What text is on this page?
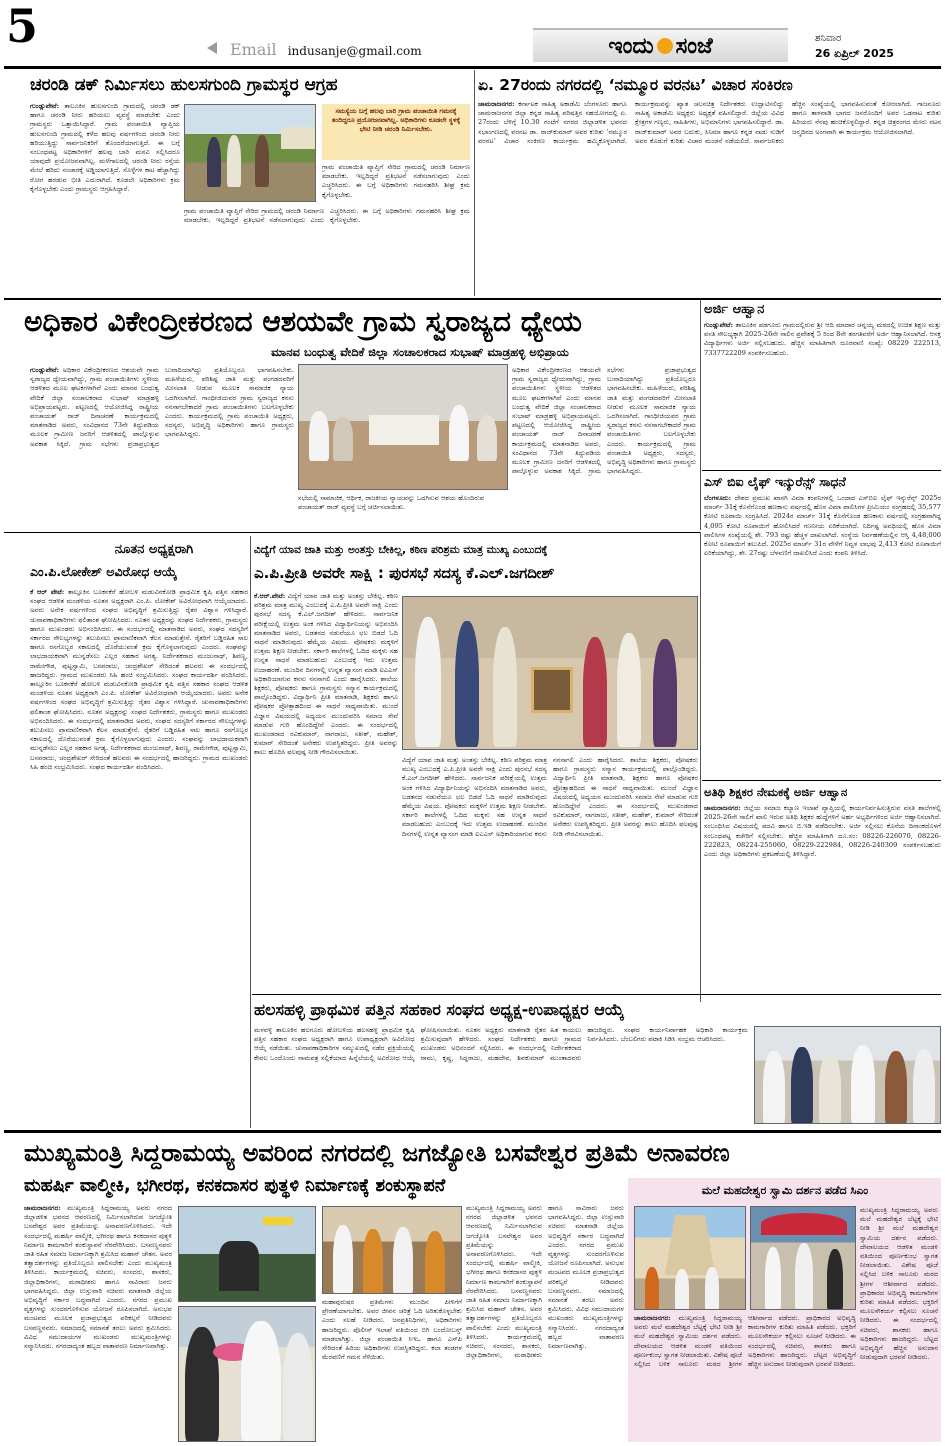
5	Email indusanje@gmail.com	ಇಂದು ಸಂಜೆ	ಶನಿವಾರ
26 ಏಪ್ರಿಲ್ 2025
ಚರಂಡಿ ಡಕ್ ನಿರ್ಮಿಸಲು ಹುಲಸಗುಂದಿ ಗ್ರಾಮಸ್ಥರ ಆಗ್ರಹ
ಗುಂಡ್ಲುಪೇಟೆ: ತಾಲೂಕಿನ ಹುಲಸಗುಂದಿ ಗ್ರಾಮದಲ್ಲಿ ಚರಂಡಿ ಡಕ್ ಹಾಗೂ ಚರಂಡಿ ನೀರು ಹರಿಯಲು ವ್ಯವಸ್ಥೆ ಮಾಡಬೇಕು ಎಂದು ಗ್ರಾಮಸ್ಥರು ಒತ್ತಾಯಿಸಿದ್ದಾರೆ. ಗ್ರಾಮ ಪಂಚಾಯಿತಿ ವ್ಯಾಪ್ತಿಯ ಹುಲಸಗುಂದಿ ಗ್ರಾಮದಲ್ಲಿ ಕಳೆದ ಹಲವು ವರ್ಷಗಳಿಂದ ಚರಂಡಿ ನೀರು ಹರಿಯುತ್ತಿದ್ದು ಸಾರ್ವಜನಿಕರಿಗೆ ತೊಂದರೆಯಾಗುತ್ತಿದೆ. ಈ ಬಗ್ಗೆ ಸಂಬಂಧಪಟ್ಟ ಅಧಿಕಾರಿಗಳಿಗೆ ಹಲವು ಬಾರಿ ಮನವಿ ಸಲ್ಲಿಸಿದರೂ ಯಾವುದೇ ಪ್ರಯೋಜನವಾಗಿಲ್ಲ. ಮಳೆಗಾಲದಲ್ಲಿ ಚರಂಡಿ ನೀರು ರಸ್ತೆಯ ಮೇಲೆ ಹರಿದು ಸಂಚಾರಕ್ಕೆ ಅಡ್ಡಿಯಾಗುತ್ತಿದೆ. ಸೊಳ್ಳೆಗಳ ಕಾಟ ಹೆಚ್ಚಾಗಿದ್ದು ರೋಗ ಹರಡುವ ಭೀತಿ ಎದುರಾಗಿದೆ. ಕೂಡಲೇ ಅಧಿಕಾರಿಗಳು ಕ್ರಮ ಕೈಗೊಳ್ಳಬೇಕು ಎಂದು ಗ್ರಾಮಸ್ಥರು ಆಗ್ರಹಿಸಿದ್ದಾರೆ.
ಸಮಸ್ಯೆಯ ಬಗ್ಗೆ ಹಲವು ಬಾರಿ ಗ್ರಾಮ ಪಂಚಾಯಿತಿ ಗಮನಕ್ಕೆ ತಂದಿದ್ದರೂ ಪ್ರಯೋಜನವಾಗಿಲ್ಲ. ಅಧಿಕಾರಿಗಳು ಕೂಡಲೇ ಸ್ಥಳಕ್ಕೆ ಭೇಟಿ ನೀಡಿ ಚರಂಡಿ ನಿರ್ಮಿಸಬೇಕು.
ಗ್ರಾಮ ಪಂಚಾಯಿತಿ ವ್ಯಾಪ್ತಿಗೆ ಸೇರಿದ ಗ್ರಾಮದಲ್ಲಿ ಚರಂಡಿ ನಿರ್ಮಾಣ ಮಾಡಬೇಕು. ಇಲ್ಲದಿದ್ದರೆ ಪ್ರತಿಭಟನೆ ನಡೆಸಲಾಗುವುದು ಎಂದು ಎಚ್ಚರಿಸಿದರು. ಈ ಬಗ್ಗೆ ಅಧಿಕಾರಿಗಳು ಗಮನಹರಿಸಿ ಶೀಘ್ರ ಕ್ರಮ ಕೈಗೊಳ್ಳಬೇಕು.
ಗ್ರಾಮ ಪಂಚಾಯಿತಿ ವ್ಯಾಪ್ತಿಗೆ ಸೇರಿದ ಗ್ರಾಮದಲ್ಲಿ ಚರಂಡಿ ನಿರ್ಮಾಣ ಮಾಡಬೇಕು. ಇಲ್ಲದಿದ್ದರೆ ಪ್ರತಿಭಟನೆ ನಡೆಸಲಾಗುವುದು ಎಂದು ಎಚ್ಚರಿಸಿದರು. ಈ ಬಗ್ಗೆ ಅಧಿಕಾರಿಗಳು ಗಮನಹರಿಸಿ ಶೀಘ್ರ ಕ್ರಮ ಕೈಗೊಳ್ಳಬೇಕು.
ಏ. 27ರಂದು ನಗರದಲ್ಲಿ ‘ನಮ್ಮೂರ ವರನಟ’ ವಿಚಾರ ಸಂಕಿರಣ
ಚಾಮರಾಜನಗರ: ಕರ್ನಾಟಕ ಸಾಹಿತ್ಯ ಅಕಾಡೆಮಿ ಬೆಂಗಳೂರು ಹಾಗೂ ಚಾಮರಾಜನಗರ ಜಿಲ್ಲಾ ಕನ್ನಡ ಸಾಹಿತ್ಯ ಪರಿಷತ್ತಿನ ಸಹಯೋಗದಲ್ಲಿ ಏ. 27ರಂದು ಬೆಳಿಗ್ಗೆ 10.30 ಗಂಟೆಗೆ ನಗರದ ಜಿಲ್ಲಾಡಳಿತ ಭವನದ ಸಭಾಂಗಣದಲ್ಲಿ ವರನಟ ಡಾ. ರಾಜ್‌ಕುಮಾರ್ ಅವರ ಕುರಿತು ‘ನಮ್ಮೂರ ವರನಟ’ ವಿಚಾರ ಸಂಕಿರಣ ಕಾರ್ಯಕ್ರಮ ಹಮ್ಮಿಕೊಳ್ಳಲಾಗಿದೆ. ಕಾರ್ಯಕ್ರಮವನ್ನು ಖ್ಯಾತ ಚಲನಚಿತ್ರ ನಿರ್ದೇಶಕರು ಉದ್ಘಾಟಿಸಲಿದ್ದು ಸಾಹಿತ್ಯ ಅಕಾಡೆಮಿ ಅಧ್ಯಕ್ಷರು ಅಧ್ಯಕ್ಷತೆ ವಹಿಸಲಿದ್ದಾರೆ. ಜಿಲ್ಲೆಯ ವಿವಿಧ ಕ್ಷೇತ್ರಗಳ ಗಣ್ಯರು, ಸಾಹಿತಿಗಳು, ಅಭಿಮಾನಿಗಳು ಭಾಗವಹಿಸಲಿದ್ದಾರೆ. ಡಾ. ರಾಜ್‌ಕುಮಾರ್ ಅವರ ಬದುಕು, ಸಿನಿಮಾ ಹಾಗೂ ಕನ್ನಡ ನಾಡು ನುಡಿಗೆ ಅವರ ಕೊಡುಗೆ ಕುರಿತು ವಿಚಾರ ಮಂಡನೆ ನಡೆಯಲಿದೆ. ಸಾರ್ವಜನಿಕರು ಹೆಚ್ಚಿನ ಸಂಖ್ಯೆಯಲ್ಲಿ ಭಾಗವಹಿಸುವಂತೆ ಕೋರಲಾಗಿದೆ. ಗಾಜನೂರು ಹಾಗೂ ತಾಳವಾಡಿ ಭಾಗದ ಜನರೊಂದಿಗೆ ಅವರ ಒಡನಾಟ ಕುರಿತು ಹಿರಿಯರು ನೆನಪು ಹಂಚಿಕೊಳ್ಳಲಿದ್ದಾರೆ. ಕನ್ನಡ ಚಿತ್ರರಂಗದ ಮೇರು ನಟನ ಜನ್ಮದಿನದ ಅಂಗವಾಗಿ ಈ ಕಾರ್ಯಕ್ರಮ ಆಯೋಜಿಸಲಾಗಿದೆ.
ಅಧಿಕಾರ ವಿಕೇಂದ್ರೀಕರಣದ ಆಶಯವೇ ಗ್ರಾಮ ಸ್ವರಾಜ್ಯದ ಧ್ಯೇಯ
ಮಾನವ ಬಂಧುತ್ವ ವೇದಿಕೆ ಜಿಲ್ಲಾ ಸಂಚಾಲಕರಾದ ಸುಭಾಷ್ ಮಾಡ್ರಹಳ್ಳಿ ಅಭಿಪ್ರಾಯ
ಗುಂಡ್ಲುಪೇಟೆ: ಅಧಿಕಾರ ವಿಕೇಂದ್ರೀಕರಣದ ಆಶಯವೇ ಗ್ರಾಮ ಸ್ವರಾಜ್ಯದ ಧ್ಯೇಯವಾಗಿದ್ದು, ಗ್ರಾಮ ಪಂಚಾಯಿತಿಗಳು ಸ್ಥಳೀಯ ಆಡಳಿತದ ಮೂಲ ಘಟಕಗಳಾಗಿವೆ ಎಂದು ಮಾನವ ಬಂಧುತ್ವ ವೇದಿಕೆ ಜಿಲ್ಲಾ ಸಂಚಾಲಕರಾದ ಸುಭಾಷ್ ಮಾಡ್ರಹಳ್ಳಿ ಅಭಿಪ್ರಾಯಪಟ್ಟರು. ಪಟ್ಟಣದಲ್ಲಿ ಆಯೋಜಿಸಿದ್ದ ರಾಷ್ಟ್ರೀಯ ಪಂಚಾಯತ್ ರಾಜ್ ದಿನಾಚರಣೆ ಕಾರ್ಯಕ್ರಮದಲ್ಲಿ ಮಾತನಾಡಿದ ಅವರು, ಸಂವಿಧಾನದ 73ನೇ ತಿದ್ದುಪಡಿಯ ಮೂಲಕ ಗ್ರಾಮೀಣ ಜನರಿಗೆ ಆಡಳಿತದಲ್ಲಿ ಪಾಲ್ಗೊಳ್ಳುವ ಅವಕಾಶ ಸಿಕ್ಕಿದೆ. ಗ್ರಾಮ ಸಭೆಗಳು ಪ್ರಜಾಪ್ರಭುತ್ವದ ಬುನಾದಿಯಾಗಿದ್ದು ಪ್ರತಿಯೊಬ್ಬರೂ ಭಾಗವಹಿಸಬೇಕು. ಮಹಿಳೆಯರು, ಪರಿಶಿಷ್ಟ ಜಾತಿ ಮತ್ತು ಪಂಗಡದವರಿಗೆ ಮೀಸಲಾತಿ ನೀಡುವ ಮೂಲಕ ಸಾಮಾಜಿಕ ನ್ಯಾಯ ಒದಗಿಸಲಾಗಿದೆ. ಗಾಂಧೀಜಿಯವರ ಗ್ರಾಮ ಸ್ವರಾಜ್ಯದ ಕನಸು ನನಸಾಗಬೇಕಾದರೆ ಗ್ರಾಮ ಪಂಚಾಯಿತಿಗಳು ಬಲಗೊಳ್ಳಬೇಕು ಎಂದರು. ಕಾರ್ಯಕ್ರಮದಲ್ಲಿ ಗ್ರಾಮ ಪಂಚಾಯಿತಿ ಅಧ್ಯಕ್ಷರು, ಸದಸ್ಯರು, ಅಭಿವೃದ್ಧಿ ಅಧಿಕಾರಿಗಳು ಹಾಗೂ ಗ್ರಾಮಸ್ಥರು ಭಾಗವಹಿಸಿದ್ದರು.
ಸಭೆಯಲ್ಲಿ ಸಾಮಾಜಿಕ, ಆರ್ಥಿಕ, ರಾಜಕೀಯ ನ್ಯಾಯವನ್ನು ಒದಗಿಸುವ ಆಶಯ ಹೊಂದಿರುವ ಪಂಚಾಯತ್ ರಾಜ್ ವ್ಯವಸ್ಥೆ ಬಗ್ಗೆ ಚರ್ಚಿಸಲಾಯಿತು.
ಅಧಿಕಾರ ವಿಕೇಂದ್ರೀಕರಣದ ಆಶಯವೇ ಗ್ರಾಮ ಸ್ವರಾಜ್ಯದ ಧ್ಯೇಯವಾಗಿದ್ದು, ಗ್ರಾಮ ಪಂಚಾಯಿತಿಗಳು ಸ್ಥಳೀಯ ಆಡಳಿತದ ಮೂಲ ಘಟಕಗಳಾಗಿವೆ ಎಂದು ಮಾನವ ಬಂಧುತ್ವ ವೇದಿಕೆ ಜಿಲ್ಲಾ ಸಂಚಾಲಕರಾದ ಸುಭಾಷ್ ಮಾಡ್ರಹಳ್ಳಿ ಅಭಿಪ್ರಾಯಪಟ್ಟರು. ಪಟ್ಟಣದಲ್ಲಿ ಆಯೋಜಿಸಿದ್ದ ರಾಷ್ಟ್ರೀಯ ಪಂಚಾಯತ್ ರಾಜ್ ದಿನಾಚರಣೆ ಕಾರ್ಯಕ್ರಮದಲ್ಲಿ ಮಾತನಾಡಿದ ಅವರು, ಸಂವಿಧಾನದ 73ನೇ ತಿದ್ದುಪಡಿಯ ಮೂಲಕ ಗ್ರಾಮೀಣ ಜನರಿಗೆ ಆಡಳಿತದಲ್ಲಿ ಪಾಲ್ಗೊಳ್ಳುವ ಅವಕಾಶ ಸಿಕ್ಕಿದೆ. ಗ್ರಾಮ ಸಭೆಗಳು ಪ್ರಜಾಪ್ರಭುತ್ವದ ಬುನಾದಿಯಾಗಿದ್ದು ಪ್ರತಿಯೊಬ್ಬರೂ ಭಾಗವಹಿಸಬೇಕು. ಮಹಿಳೆಯರು, ಪರಿಶಿಷ್ಟ ಜಾತಿ ಮತ್ತು ಪಂಗಡದವರಿಗೆ ಮೀಸಲಾತಿ ನೀಡುವ ಮೂಲಕ ಸಾಮಾಜಿಕ ನ್ಯಾಯ ಒದಗಿಸಲಾಗಿದೆ. ಗಾಂಧೀಜಿಯವರ ಗ್ರಾಮ ಸ್ವರಾಜ್ಯದ ಕನಸು ನನಸಾಗಬೇಕಾದರೆ ಗ್ರಾಮ ಪಂಚಾಯಿತಿಗಳು ಬಲಗೊಳ್ಳಬೇಕು ಎಂದರು. ಕಾರ್ಯಕ್ರಮದಲ್ಲಿ ಗ್ರಾಮ ಪಂಚಾಯಿತಿ ಅಧ್ಯಕ್ಷರು, ಸದಸ್ಯರು, ಅಭಿವೃದ್ಧಿ ಅಧಿಕಾರಿಗಳು ಹಾಗೂ ಗ್ರಾಮಸ್ಥರು ಭಾಗವಹಿಸಿದ್ದರು.
ಅರ್ಜಿ ಆಹ್ವಾನ
ಗುಂಡ್ಲುಪೇಟೆ: ತಾಲೂಕಿನ ಪಡಗೂರು ಗ್ರಾಮದಲ್ಲಿರುವ ಶ್ರೀ ಆದಿ ಮಾದಾರ ಚನ್ನಯ್ಯ ಮಠದಲ್ಲಿ ಉಚಿತ ಶಿಕ್ಷಣ ಮತ್ತು ವಸತಿ ಸೌಲಭ್ಯಕ್ಕಾಗಿ 2025-26ನೇ ಸಾಲಿನ ಪ್ರವೇಶಕ್ಕೆ 5 ರಿಂದ 8ನೇ ತರಗತಿವರೆಗೆ ಅರ್ಜಿ ಆಹ್ವಾನಿಸಲಾಗಿದೆ. ಆಸಕ್ತ ವಿದ್ಯಾರ್ಥಿಗಳು ಅರ್ಜಿ ಸಲ್ಲಿಸಬಹುದು. ಹೆಚ್ಚಿನ ಮಾಹಿತಿಗಾಗಿ ದೂರವಾಣಿ ಸಂಖ್ಯೆ: 08229 222513, 7337722209 ಸಂಪರ್ಕಿಸಬಹುದು.
ಎಸ್ ಬಿಐ ಲೈಫ್ ಇನ್ಶುರೆನ್ಸ್ ಸಾಧನೆ
ಬೆಂಗಳೂರು: ದೇಶದ ಪ್ರಮುಖ ಖಾಸಗಿ ವಿಮಾ ಕಂಪನಿಗಳಲ್ಲಿ ಒಂದಾದ ಎಸ್‌ಬಿಐ ಲೈಫ್ ಇನ್ಶುರೆನ್ಸ್ 2025ರ ಮಾರ್ಚ್ 31ಕ್ಕೆ ಕೊನೆಗೊಂಡ ಹಣಕಾಸು ವರ್ಷದಲ್ಲಿ ಹೊಸ ವಿಮಾ ಪಾಲಿಸಿಗಳ ಪ್ರೀಮಿಯಂ ಸಂಗ್ರಹದಲ್ಲಿ 35,577 ಕೋಟಿ ರೂಪಾಯಿ ಸಂಗ್ರಹಿಸಿದೆ. 2024ರ ಮಾರ್ಚ್ 31ಕ್ಕೆ ಕೊನೆಗೊಂಡ ಹಣಕಾಸು ವರ್ಷದಲ್ಲಿ ಸಂಗ್ರಹವಾಗಿದ್ದ 4,095 ಕೋಟಿ ರೂಪಾಯಿಗೆ ಹೋಲಿಸಿದರೆ ಗಣನೀಯ ಏರಿಕೆಯಾಗಿದೆ. ನಿರ್ದಿಷ್ಟ ಅವಧಿಯಲ್ಲಿ ಹೊಸ ವಿಮಾ ಪಾಲಿಸಿಗಳ ಸಂಖ್ಯೆಯಲ್ಲಿ ಶೇ. 793 ರಷ್ಟು ಹೆಚ್ಚಳ ದಾಖಲಾಗಿದೆ. ಸಂಸ್ಥೆಯ ನಿರ್ವಹಣೆಯಲ್ಲಿನ ಆಸ್ತಿ 4,48,000 ಕೋಟಿ ರೂಪಾಯಿಗೆ ತಲುಪಿದೆ. 2025ರ ಮಾರ್ಚ್ 31ರ ವೇಳೆಗೆ ನಿವ್ವಳ ಲಾಭವು 2,413 ಕೋಟಿ ರೂಪಾಯಿಗೆ ಏರಿಕೆಯಾಗಿದ್ದು, ಶೇ. 27ರಷ್ಟು ಬೆಳವಣಿಗೆ ದಾಖಲಿಸಿದೆ ಎಂದು ಕಂಪನಿ ತಿಳಿಸಿದೆ.
ನೂತನ ಅಧ್ಯಕ್ಷರಾಗಿ
ಎಂ.ಪಿ.ಲೋಕೇಶ್ ಅವಿರೋಧ ಆಯ್ಕೆ
ಕೆ ಆರ್ ಪೇಟೆ: ತಾಲ್ಲೂಕಿನ ಬೂಕನಕೆರೆ ಹೋಬಳಿ ಮಡುವಿನಕೋಡಿ ಪ್ರಾಥಮಿಕ ಕೃಷಿ ಪತ್ತಿನ ಸಹಕಾರ ಸಂಘದ ಆಡಳಿತ ಮಂಡಳಿಯ ನೂತನ ಅಧ್ಯಕ್ಷರಾಗಿ ಎಂ.ಪಿ. ಲೋಕೇಶ್ ಅವಿರೋಧವಾಗಿ ಆಯ್ಕೆಯಾದರು. ಅವರು ಅನೇಕ ವರ್ಷಗಳಿಂದ ಸಂಘದ ಅಭಿವೃದ್ಧಿಗೆ ಶ್ರಮಿಸುತ್ತಿದ್ದು ರೈತರ ವಿಶ್ವಾಸ ಗಳಿಸಿದ್ದಾರೆ. ಚುನಾವಣಾಧಿಕಾರಿಗಳು ಫಲಿತಾಂಶ ಘೋಷಿಸಿದರು. ನೂತನ ಅಧ್ಯಕ್ಷರನ್ನು ಸಂಘದ ನಿರ್ದೇಶಕರು, ಗ್ರಾಮಸ್ಥರು ಹಾಗೂ ಮುಖಂಡರು ಅಭಿನಂದಿಸಿದರು. ಈ ಸಂದರ್ಭದಲ್ಲಿ ಮಾತನಾಡಿದ ಅವರು, ಸಂಘದ ಸದಸ್ಯರಿಗೆ ಸರ್ಕಾರದ ಸೌಲಭ್ಯಗಳನ್ನು ತಲುಪಿಸಲು ಪ್ರಾಮಾಣಿಕವಾಗಿ ಕೆಲಸ ಮಾಡುತ್ತೇನೆ. ರೈತರಿಗೆ ಬಡ್ಡಿರಹಿತ ಸಾಲ ಹಾಗೂ ರಸಗೊಬ್ಬರ ಸಕಾಲದಲ್ಲಿ ದೊರೆಯುವಂತೆ ಕ್ರಮ ಕೈಗೊಳ್ಳಲಾಗುವುದು ಎಂದರು. ಸಂಘವನ್ನು ಲಾಭದಾಯಕವಾಗಿ ಮುನ್ನಡೆಸಲು ಎಲ್ಲರ ಸಹಕಾರ ಅಗತ್ಯ. ನಿರ್ದೇಶಕರಾದ ಮಂಜುನಾಥ್, ಶಿವಣ್ಣ, ರಾಮೇಗೌಡ, ಪುಟ್ಟಸ್ವಾಮಿ, ಬಸವರಾಜು, ಚಂದ್ರಶೇಖರ್ ಸೇರಿದಂತೆ ಹಲವರು ಈ ಸಂದರ್ಭದಲ್ಲಿ ಹಾಜರಿದ್ದರು. ಗ್ರಾಮದ ಮುಖಂಡರು ಸಿಹಿ ಹಂಚಿ ಸಂಭ್ರಮಿಸಿದರು. ಸಂಘದ ಕಾರ್ಯದರ್ಶಿ ವಂದಿಸಿದರು. ತಾಲ್ಲೂಕಿನ ಬೂಕನಕೆರೆ ಹೋಬಳಿ ಮಡುವಿನಕೋಡಿ ಪ್ರಾಥಮಿಕ ಕೃಷಿ ಪತ್ತಿನ ಸಹಕಾರ ಸಂಘದ ಆಡಳಿತ ಮಂಡಳಿಯ ನೂತನ ಅಧ್ಯಕ್ಷರಾಗಿ ಎಂ.ಪಿ. ಲೋಕೇಶ್ ಅವಿರೋಧವಾಗಿ ಆಯ್ಕೆಯಾದರು. ಅವರು ಅನೇಕ ವರ್ಷಗಳಿಂದ ಸಂಘದ ಅಭಿವೃದ್ಧಿಗೆ ಶ್ರಮಿಸುತ್ತಿದ್ದು ರೈತರ ವಿಶ್ವಾಸ ಗಳಿಸಿದ್ದಾರೆ. ಚುನಾವಣಾಧಿಕಾರಿಗಳು ಫಲಿತಾಂಶ ಘೋಷಿಸಿದರು. ನೂತನ ಅಧ್ಯಕ್ಷರನ್ನು ಸಂಘದ ನಿರ್ದೇಶಕರು, ಗ್ರಾಮಸ್ಥರು ಹಾಗೂ ಮುಖಂಡರು ಅಭಿನಂದಿಸಿದರು. ಈ ಸಂದರ್ಭದಲ್ಲಿ ಮಾತನಾಡಿದ ಅವರು, ಸಂಘದ ಸದಸ್ಯರಿಗೆ ಸರ್ಕಾರದ ಸೌಲಭ್ಯಗಳನ್ನು ತಲುಪಿಸಲು ಪ್ರಾಮಾಣಿಕವಾಗಿ ಕೆಲಸ ಮಾಡುತ್ತೇನೆ. ರೈತರಿಗೆ ಬಡ್ಡಿರಹಿತ ಸಾಲ ಹಾಗೂ ರಸಗೊಬ್ಬರ ಸಕಾಲದಲ್ಲಿ ದೊರೆಯುವಂತೆ ಕ್ರಮ ಕೈಗೊಳ್ಳಲಾಗುವುದು ಎಂದರು. ಸಂಘವನ್ನು ಲಾಭದಾಯಕವಾಗಿ ಮುನ್ನಡೆಸಲು ಎಲ್ಲರ ಸಹಕಾರ ಅಗತ್ಯ. ನಿರ್ದೇಶಕರಾದ ಮಂಜುನಾಥ್, ಶಿವಣ್ಣ, ರಾಮೇಗೌಡ, ಪುಟ್ಟಸ್ವಾಮಿ, ಬಸವರಾಜು, ಚಂದ್ರಶೇಖರ್ ಸೇರಿದಂತೆ ಹಲವರು ಈ ಸಂದರ್ಭದಲ್ಲಿ ಹಾಜರಿದ್ದರು. ಗ್ರಾಮದ ಮುಖಂಡರು ಸಿಹಿ ಹಂಚಿ ಸಂಭ್ರಮಿಸಿದರು. ಸಂಘದ ಕಾರ್ಯದರ್ಶಿ ವಂದಿಸಿದರು.
ವಿದ್ಯೆಗೆ ಯಾವ ಜಾತಿ ಮತ್ತು ಅಂತಸ್ತು ಬೇಕಿಲ್ಲ, ಕಠಿಣ ಪರಿಶ್ರಮ ಮಾತ್ರ ಮುಖ್ಯ ಎಂಬುದಕ್ಕೆ
ಎ.ಪಿ.ಪ್ರೀತಿ ಅವರೇ ಸಾಕ್ಷಿ : ಪುರಸಭೆ ಸದಸ್ಯ ಕೆ.ಎಲ್.ಜಗದೀಶ್
ಕೆ.ಆರ್.ಪೇಟೆ: ವಿದ್ಯೆಗೆ ಯಾವ ಜಾತಿ ಮತ್ತು ಅಂತಸ್ತು ಬೇಕಿಲ್ಲ. ಕಠಿಣ ಪರಿಶ್ರಮ ಮಾತ್ರ ಮುಖ್ಯ ಎಂಬುದಕ್ಕೆ ಎ.ಪಿ.ಪ್ರೀತಿ ಅವರೇ ಸಾಕ್ಷಿ ಎಂದು ಪುರಸಭೆ ಸದಸ್ಯ ಕೆ.ಎಲ್.ಜಗದೀಶ್ ಹೇಳಿದರು. ಸಾರ್ವಜನಿಕ ಪರೀಕ್ಷೆಯಲ್ಲಿ ಉತ್ತಮ ಅಂಕ ಗಳಿಸಿದ ವಿದ್ಯಾರ್ಥಿನಿಯನ್ನು ಅಭಿನಂದಿಸಿ ಮಾತನಾಡಿದ ಅವರು, ಬಡತನದ ನಡುವೆಯೂ ಛಲ ಬಿಡದೆ ಓದಿ ಸಾಧನೆ ಮಾಡಿರುವುದು ಹೆಮ್ಮೆಯ ವಿಷಯ. ಪೋಷಕರು ಮಕ್ಕಳಿಗೆ ಉತ್ತಮ ಶಿಕ್ಷಣ ನೀಡಬೇಕು. ಸರ್ಕಾರಿ ಶಾಲೆಗಳಲ್ಲಿ ಓದಿದ ಮಕ್ಕಳು ಸಹ ಉನ್ನತ ಸಾಧನೆ ಮಾಡಬಹುದು ಎಂಬುದಕ್ಕೆ ಇದು ಉತ್ತಮ ಉದಾಹರಣೆ. ಮುಂದಿನ ದಿನಗಳಲ್ಲಿ ಉನ್ನತ ವ್ಯಾಸಂಗ ಮಾಡಿ ಐಎಎಸ್ ಅಧಿಕಾರಿಯಾಗುವ ಕನಸು ನನಸಾಗಲಿ ಎಂದು ಹಾರೈಸಿದರು. ಶಾಲೆಯ ಶಿಕ್ಷಕರು, ಪೋಷಕರು ಹಾಗೂ ಗ್ರಾಮಸ್ಥರು ಸನ್ಮಾನ ಕಾರ್ಯಕ್ರಮದಲ್ಲಿ ಪಾಲ್ಗೊಂಡಿದ್ದರು. ವಿದ್ಯಾರ್ಥಿನಿ ಪ್ರೀತಿ ಮಾತನಾಡಿ, ಶಿಕ್ಷಕರು ಹಾಗೂ ಪೋಷಕರ ಪ್ರೋತ್ಸಾಹದಿಂದ ಈ ಸಾಧನೆ ಸಾಧ್ಯವಾಯಿತು. ಮುಂದೆ ವಿಜ್ಞಾನ ವಿಷಯದಲ್ಲಿ ಅಧ್ಯಯನ ಮುಂದುವರಿಸಿ ಸಮಾಜ ಸೇವೆ ಮಾಡುವ ಗುರಿ ಹೊಂದಿದ್ದೇನೆ ಎಂದರು. ಈ ಸಂದರ್ಭದಲ್ಲಿ ಮುಖಂಡರಾದ ರವಿಕುಮಾರ್, ನಾಗರಾಜು, ಸತೀಶ್, ಮಹೇಶ್, ಕುಮಾರ್ ಸೇರಿದಂತೆ ಅನೇಕರು ಉಪಸ್ಥಿತರಿದ್ದರು. ಪ್ರೀತಿ ಅವರನ್ನು ಶಾಲು ಹೊದಿಸಿ ಫಲಪುಷ್ಪ ನೀಡಿ ಗೌರವಿಸಲಾಯಿತು.
ವಿದ್ಯೆಗೆ ಯಾವ ಜಾತಿ ಮತ್ತು ಅಂತಸ್ತು ಬೇಕಿಲ್ಲ. ಕಠಿಣ ಪರಿಶ್ರಮ ಮಾತ್ರ ಮುಖ್ಯ ಎಂಬುದಕ್ಕೆ ಎ.ಪಿ.ಪ್ರೀತಿ ಅವರೇ ಸಾಕ್ಷಿ ಎಂದು ಪುರಸಭೆ ಸದಸ್ಯ ಕೆ.ಎಲ್.ಜಗದೀಶ್ ಹೇಳಿದರು. ಸಾರ್ವಜನಿಕ ಪರೀಕ್ಷೆಯಲ್ಲಿ ಉತ್ತಮ ಅಂಕ ಗಳಿಸಿದ ವಿದ್ಯಾರ್ಥಿನಿಯನ್ನು ಅಭಿನಂದಿಸಿ ಮಾತನಾಡಿದ ಅವರು, ಬಡತನದ ನಡುವೆಯೂ ಛಲ ಬಿಡದೆ ಓದಿ ಸಾಧನೆ ಮಾಡಿರುವುದು ಹೆಮ್ಮೆಯ ವಿಷಯ. ಪೋಷಕರು ಮಕ್ಕಳಿಗೆ ಉತ್ತಮ ಶಿಕ್ಷಣ ನೀಡಬೇಕು. ಸರ್ಕಾರಿ ಶಾಲೆಗಳಲ್ಲಿ ಓದಿದ ಮಕ್ಕಳು ಸಹ ಉನ್ನತ ಸಾಧನೆ ಮಾಡಬಹುದು ಎಂಬುದಕ್ಕೆ ಇದು ಉತ್ತಮ ಉದಾಹರಣೆ. ಮುಂದಿನ ದಿನಗಳಲ್ಲಿ ಉನ್ನತ ವ್ಯಾಸಂಗ ಮಾಡಿ ಐಎಎಸ್ ಅಧಿಕಾರಿಯಾಗುವ ಕನಸು ನನಸಾಗಲಿ ಎಂದು ಹಾರೈಸಿದರು. ಶಾಲೆಯ ಶಿಕ್ಷಕರು, ಪೋಷಕರು ಹಾಗೂ ಗ್ರಾಮಸ್ಥರು ಸನ್ಮಾನ ಕಾರ್ಯಕ್ರಮದಲ್ಲಿ ಪಾಲ್ಗೊಂಡಿದ್ದರು. ವಿದ್ಯಾರ್ಥಿನಿ ಪ್ರೀತಿ ಮಾತನಾಡಿ, ಶಿಕ್ಷಕರು ಹಾಗೂ ಪೋಷಕರ ಪ್ರೋತ್ಸಾಹದಿಂದ ಈ ಸಾಧನೆ ಸಾಧ್ಯವಾಯಿತು. ಮುಂದೆ ವಿಜ್ಞಾನ ವಿಷಯದಲ್ಲಿ ಅಧ್ಯಯನ ಮುಂದುವರಿಸಿ ಸಮಾಜ ಸೇವೆ ಮಾಡುವ ಗುರಿ ಹೊಂದಿದ್ದೇನೆ ಎಂದರು. ಈ ಸಂದರ್ಭದಲ್ಲಿ ಮುಖಂಡರಾದ ರವಿಕುಮಾರ್, ನಾಗರಾಜು, ಸತೀಶ್, ಮಹೇಶ್, ಕುಮಾರ್ ಸೇರಿದಂತೆ ಅನೇಕರು ಉಪಸ್ಥಿತರಿದ್ದರು. ಪ್ರೀತಿ ಅವರನ್ನು ಶಾಲು ಹೊದಿಸಿ ಫಲಪುಷ್ಪ ನೀಡಿ ಗೌರವಿಸಲಾಯಿತು.
ಅತಿಥಿ ಶಿಕ್ಷಕರ ನೇಮಕಕ್ಕೆ ಅರ್ಜಿ ಆಹ್ವಾನ
ಚಾಮರಾಜನಗರ: ಜಿಲ್ಲೆಯ ಸಮಾಜ ಕಲ್ಯಾಣ ಇಲಾಖೆ ವ್ಯಾಪ್ತಿಯಲ್ಲಿ ಕಾರ್ಯನಿರ್ವಹಿಸುತ್ತಿರುವ ವಸತಿ ಶಾಲೆಗಳಲ್ಲಿ 2025-26ನೇ ಸಾಲಿಗೆ ಖಾಲಿ ಇರುವ ಅತಿಥಿ ಶಿಕ್ಷಕರ ಹುದ್ದೆಗಳಿಗೆ ಅರ್ಹ ಅಭ್ಯರ್ಥಿಗಳಿಂದ ಅರ್ಜಿ ಆಹ್ವಾನಿಸಲಾಗಿದೆ. ಸಂಬಂಧಿಸಿದ ವಿಷಯದಲ್ಲಿ ಪದವಿ ಹಾಗೂ ಬಿ.ಇಡಿ ಪಡೆದಿರಬೇಕು. ಅರ್ಜಿ ಸಲ್ಲಿಸಲು ಕೊನೆಯ ದಿನಾಂಕದೊಳಗೆ ಸಂಬಂಧಪಟ್ಟ ಕಚೇರಿಗೆ ಸಲ್ಲಿಸಬೇಕು. ಹೆಚ್ಚಿನ ಮಾಹಿತಿಗಾಗಿ ದೂ.ಸಂ: 08226-226070, 08226-222823, 08224-255060, 08229-222984, 08226-240309 ಸಂಪರ್ಕಿಸಬಹುದು ಎಂದು ಜಿಲ್ಲಾ ಅಧಿಕಾರಿಗಳು ಪ್ರಕಟಣೆಯಲ್ಲಿ ತಿಳಿಸಿದ್ದಾರೆ.
ಹಲಸಹಳ್ಳಿ ಪ್ರಾಥಮಿಕ ಪತ್ತಿನ ಸಹಕಾರ ಸಂಘದ ಅಧ್ಯಕ್ಷ-ಉಪಾಧ್ಯಕ್ಷರ ಆಯ್ಕೆ
ಮಳವಳ್ಳಿ ತಾಲೂಕಿನ ಹಲಗೂರು ಹೋಬಳಿಯ ಹಲಸಹಳ್ಳಿ ಪ್ರಾಥಮಿಕ ಕೃಷಿ ಪತ್ತಿನ ಸಹಕಾರ ಸಂಘದ ಅಧ್ಯಕ್ಷರಾಗಿ ಹಾಗೂ ಉಪಾಧ್ಯಕ್ಷರಾಗಿ ಅವಿರೋಧ ಆಯ್ಕೆ ನಡೆಯಿತು. ಚುನಾವಣಾಧಿಕಾರಿಗಳ ಸಮ್ಮುಖದಲ್ಲಿ ನಡೆದ ಪ್ರಕ್ರಿಯೆಯಲ್ಲಿ ಕೇವಲ ಒಂದೊಂದು ನಾಮಪತ್ರ ಸಲ್ಲಿಕೆಯಾದ ಹಿನ್ನೆಲೆಯಲ್ಲಿ ಅವಿರೋಧ ಆಯ್ಕೆ ಘೋಷಿಸಲಾಯಿತು. ನೂತನ ಅಧ್ಯಕ್ಷರು ಮಾತನಾಡಿ ರೈತರ ಹಿತ ಕಾಯಲು ಶ್ರಮಿಸುವುದಾಗಿ ಹೇಳಿದರು. ಸಂಘದ ನಿರ್ದೇಶಕರು ಹಾಗೂ ಗ್ರಾಮದ ಮುಖಂಡರು ಅಭಿನಂದನೆ ಸಲ್ಲಿಸಿದರು. ಈ ಸಂದರ್ಭದಲ್ಲಿ ನಿರ್ದೇಶಕರಾದ ರಾಮು, ಕೃಷ್ಣ, ಸಿದ್ದರಾಜು, ಮಹದೇವ, ಶಿವಕುಮಾರ್ ಮುಂತಾದವರು ಹಾಜರಿದ್ದರು. ಸಂಘದ ಕಾರ್ಯನಿರ್ವಾಹಕ ಅಧಿಕಾರಿ ಕಾರ್ಯಕ್ರಮ ನಿರ್ವಹಿಸಿದರು. ಬೆಂಬಲಿಗರು ಪಟಾಕಿ ಸಿಡಿಸಿ ಸಂಭ್ರಮ ಆಚರಿಸಿದರು.
ಮುಖ್ಯಮಂತ್ರಿ ಸಿದ್ದರಾಮಯ್ಯ ಅವರಿಂದ ನಗರದಲ್ಲಿ ಜಗಜ್ಯೋತಿ ಬಸವೇಶ್ವರ ಪ್ರತಿಮೆ ಅನಾವರಣ
ಮಹರ್ಷಿ ವಾಲ್ಮೀಕಿ, ಭಗೀರಥ, ಕನಕದಾಸರ ಪುತ್ಥಳಿ ನಿರ್ಮಾಣಕ್ಕೆ ಶಂಕುಸ್ಥಾಪನೆ
ಚಾಮರಾಜನಗರ: ಮುಖ್ಯಮಂತ್ರಿ ಸಿದ್ದರಾಮಯ್ಯ ಅವರು ನಗರದ ಜಿಲ್ಲಾಡಳಿತ ಭವನದ ಆವರಣದಲ್ಲಿ ನಿರ್ಮಿಸಲಾಗಿರುವ ಜಗಜ್ಯೋತಿ ಬಸವೇಶ್ವರ ಅವರ ಪ್ರತಿಮೆಯನ್ನು ಅನಾವರಣಗೊಳಿಸಿದರು. ಇದೇ ಸಂದರ್ಭದಲ್ಲಿ ಮಹರ್ಷಿ ವಾಲ್ಮೀಕಿ, ಭಗೀರಥ ಹಾಗೂ ಕನಕದಾಸರ ಪುತ್ಥಳಿ ನಿರ್ಮಾಣ ಕಾಮಗಾರಿಗೆ ಶಂಕುಸ್ಥಾಪನೆ ನೆರವೇರಿಸಿದರು. ಬಸವಣ್ಣನವರು ಜಾತಿ ರಹಿತ ಸಮಾಜ ನಿರ್ಮಾಣಕ್ಕಾಗಿ ಶ್ರಮಿಸಿದ ಮಹಾನ್ ಚೇತನ. ಅವರ ತತ್ವಾದರ್ಶಗಳನ್ನು ಪ್ರತಿಯೊಬ್ಬರೂ ಪಾಲಿಸಬೇಕು ಎಂದು ಮುಖ್ಯಮಂತ್ರಿ ತಿಳಿಸಿದರು. ಕಾರ್ಯಕ್ರಮದಲ್ಲಿ ಸಚಿವರು, ಸಂಸದರು, ಶಾಸಕರು, ಜಿಲ್ಲಾಧಿಕಾರಿಗಳು, ಮಠಾಧೀಶರು ಹಾಗೂ ಸಾವಿರಾರು ಜನರು ಭಾಗವಹಿಸಿದ್ದರು. ಜಿಲ್ಲಾ ಉಸ್ತುವಾರಿ ಸಚಿವರು ಮಾತನಾಡಿ ಜಿಲ್ಲೆಯ ಅಭಿವೃದ್ಧಿಗೆ ಸರ್ಕಾರ ಬದ್ಧವಾಗಿದೆ ಎಂದರು. ನಗರದ ಪ್ರಮುಖ ವೃತ್ತಗಳನ್ನು ಸುಂದರಗೊಳಿಸುವ ಯೋಜನೆ ರೂಪಿಸಲಾಗಿದೆ. ಅನುಭವ ಮಂಟಪದ ಮೂಲಕ ಪ್ರಜಾಪ್ರಭುತ್ವದ ಪರಿಕಲ್ಪನೆ ನೀಡಿದವರು ಬಸವಣ್ಣನವರು. ಸಮಾಜದಲ್ಲಿ ಸಮಾನತೆ ತರಲು ಅವರು ಶ್ರಮಿಸಿದರು. ವಿವಿಧ ಸಮುದಾಯಗಳ ಮುಖಂಡರು ಮುಖ್ಯಮಂತ್ರಿಗಳನ್ನು ಸನ್ಮಾನಿಸಿದರು. ನಗರದಾದ್ಯಂತ ಹಬ್ಬದ ವಾತಾವರಣ ನಿರ್ಮಾಣವಾಗಿತ್ತು.
ಮಹಾಪುರುಷರ ಪ್ರತಿಮೆಗಳು ಮುಂದಿನ ಪೀಳಿಗೆಗೆ ಪ್ರೇರಣೆಯಾಗಬೇಕು. ಅವರ ಜೀವನ ಚರಿತ್ರೆ ಓದಿ ಅರಿತುಕೊಳ್ಳಬೇಕು ಎಂದು ಸಲಹೆ ನೀಡಿದರು. ಜನಪ್ರತಿನಿಧಿಗಳು, ಅಧಿಕಾರಿಗಳು ಹಾಜರಿದ್ದರು. ಪೊಲೀಸ್ ಇಲಾಖೆ ವತಿಯಿಂದ ಬಿಗಿ ಬಂದೋಬಸ್ತ್ ಮಾಡಲಾಗಿತ್ತು. ಜಿಲ್ಲಾ ಪಂಚಾಯಿತಿ ಸಿಇಒ ಹಾಗೂ ಎಸ್‌ಪಿ ಸೇರಿದಂತೆ ಹಿರಿಯ ಅಧಿಕಾರಿಗಳು ಉಪಸ್ಥಿತರಿದ್ದರು. ಕಲಾ ತಂಡಗಳ ಮೆರವಣಿಗೆ ಗಮನ ಸೆಳೆಯಿತು.
ಮುಖ್ಯಮಂತ್ರಿ ಸಿದ್ದರಾಮಯ್ಯ ಅವರು ನಗರದ ಜಿಲ್ಲಾಡಳಿತ ಭವನದ ಆವರಣದಲ್ಲಿ ನಿರ್ಮಿಸಲಾಗಿರುವ ಜಗಜ್ಯೋತಿ ಬಸವೇಶ್ವರ ಅವರ ಪ್ರತಿಮೆಯನ್ನು ಅನಾವರಣಗೊಳಿಸಿದರು. ಇದೇ ಸಂದರ್ಭದಲ್ಲಿ ಮಹರ್ಷಿ ವಾಲ್ಮೀಕಿ, ಭಗೀರಥ ಹಾಗೂ ಕನಕದಾಸರ ಪುತ್ಥಳಿ ನಿರ್ಮಾಣ ಕಾಮಗಾರಿಗೆ ಶಂಕುಸ್ಥಾಪನೆ ನೆರವೇರಿಸಿದರು. ಬಸವಣ್ಣನವರು ಜಾತಿ ರಹಿತ ಸಮಾಜ ನಿರ್ಮಾಣಕ್ಕಾಗಿ ಶ್ರಮಿಸಿದ ಮಹಾನ್ ಚೇತನ. ಅವರ ತತ್ವಾದರ್ಶಗಳನ್ನು ಪ್ರತಿಯೊಬ್ಬರೂ ಪಾಲಿಸಬೇಕು ಎಂದು ಮುಖ್ಯಮಂತ್ರಿ ತಿಳಿಸಿದರು. ಕಾರ್ಯಕ್ರಮದಲ್ಲಿ ಸಚಿವರು, ಸಂಸದರು, ಶಾಸಕರು, ಜಿಲ್ಲಾಧಿಕಾರಿಗಳು, ಮಠಾಧೀಶರು ಹಾಗೂ ಸಾವಿರಾರು ಜನರು ಭಾಗವಹಿಸಿದ್ದರು. ಜಿಲ್ಲಾ ಉಸ್ತುವಾರಿ ಸಚಿವರು ಮಾತನಾಡಿ ಜಿಲ್ಲೆಯ ಅಭಿವೃದ್ಧಿಗೆ ಸರ್ಕಾರ ಬದ್ಧವಾಗಿದೆ ಎಂದರು. ನಗರದ ಪ್ರಮುಖ ವೃತ್ತಗಳನ್ನು ಸುಂದರಗೊಳಿಸುವ ಯೋಜನೆ ರೂಪಿಸಲಾಗಿದೆ. ಅನುಭವ ಮಂಟಪದ ಮೂಲಕ ಪ್ರಜಾಪ್ರಭುತ್ವದ ಪರಿಕಲ್ಪನೆ ನೀಡಿದವರು ಬಸವಣ್ಣನವರು. ಸಮಾಜದಲ್ಲಿ ಸಮಾನತೆ ತರಲು ಅವರು ಶ್ರಮಿಸಿದರು. ವಿವಿಧ ಸಮುದಾಯಗಳ ಮುಖಂಡರು ಮುಖ್ಯಮಂತ್ರಿಗಳನ್ನು ಸನ್ಮಾನಿಸಿದರು. ನಗರದಾದ್ಯಂತ ಹಬ್ಬದ ವಾತಾವರಣ ನಿರ್ಮಾಣವಾಗಿತ್ತು.
ಮಲೆ ಮಹದೇಶ್ವರ ಸ್ವಾಮಿ ದರ್ಶನ ಪಡೆದ ಸಿಎಂ
ಮುಖ್ಯಮಂತ್ರಿ ಸಿದ್ದರಾಮಯ್ಯ ಅವರು ಮಲೆ ಮಹದೇಶ್ವರ ಬೆಟ್ಟಕ್ಕೆ ಭೇಟಿ ನೀಡಿ ಶ್ರೀ ಮಲೆ ಮಹದೇಶ್ವರ ಸ್ವಾಮಿಯ ದರ್ಶನ ಪಡೆದರು. ದೇವಾಲಯದ ಆಡಳಿತ ಮಂಡಳಿ ವತಿಯಿಂದ ಪೂರ್ಣಕುಂಭ ಸ್ವಾಗತ ನೀಡಲಾಯಿತು. ವಿಶೇಷ ಪೂಜೆ ಸಲ್ಲಿಸಿದ ಬಳಿಕ ಸಾಲೂರು ಮಠದ ಶ್ರೀಗಳ ಆಶೀರ್ವಾದ ಪಡೆದರು. ಪ್ರಾಧಿಕಾರದ ಅಭಿವೃದ್ಧಿ ಕಾಮಗಾರಿಗಳ ಕುರಿತು ಮಾಹಿತಿ ಪಡೆದರು. ಭಕ್ತರಿಗೆ ಮೂಲಸೌಕರ್ಯ ಕಲ್ಪಿಸಲು ಸೂಚನೆ ನೀಡಿದರು. ಈ ಸಂದರ್ಭದಲ್ಲಿ ಸಚಿವರು, ಶಾಸಕರು ಹಾಗೂ ಅಧಿಕಾರಿಗಳು ಹಾಜರಿದ್ದರು. ಬೆಟ್ಟದ ಅಭಿವೃದ್ಧಿಗೆ ಹೆಚ್ಚಿನ ಅನುದಾನ ನೀಡುವುದಾಗಿ ಭರವಸೆ ನೀಡಿದರು.
ಚಾಮರಾಜನಗರ: ಮುಖ್ಯಮಂತ್ರಿ ಸಿದ್ದರಾಮಯ್ಯ ಅವರು ಮಲೆ ಮಹದೇಶ್ವರ ಬೆಟ್ಟಕ್ಕೆ ಭೇಟಿ ನೀಡಿ ಶ್ರೀ ಮಲೆ ಮಹದೇಶ್ವರ ಸ್ವಾಮಿಯ ದರ್ಶನ ಪಡೆದರು. ದೇವಾಲಯದ ಆಡಳಿತ ಮಂಡಳಿ ವತಿಯಿಂದ ಪೂರ್ಣಕುಂಭ ಸ್ವಾಗತ ನೀಡಲಾಯಿತು. ವಿಶೇಷ ಪೂಜೆ ಸಲ್ಲಿಸಿದ ಬಳಿಕ ಸಾಲೂರು ಮಠದ ಶ್ರೀಗಳ ಆಶೀರ್ವಾದ ಪಡೆದರು. ಪ್ರಾಧಿಕಾರದ ಅಭಿವೃದ್ಧಿ ಕಾಮಗಾರಿಗಳ ಕುರಿತು ಮಾಹಿತಿ ಪಡೆದರು. ಭಕ್ತರಿಗೆ ಮೂಲಸೌಕರ್ಯ ಕಲ್ಪಿಸಲು ಸೂಚನೆ ನೀಡಿದರು. ಈ ಸಂದರ್ಭದಲ್ಲಿ ಸಚಿವರು, ಶಾಸಕರು ಹಾಗೂ ಅಧಿಕಾರಿಗಳು ಹಾಜರಿದ್ದರು. ಬೆಟ್ಟದ ಅಭಿವೃದ್ಧಿಗೆ ಹೆಚ್ಚಿನ ಅನುದಾನ ನೀಡುವುದಾಗಿ ಭರವಸೆ ನೀಡಿದರು.
